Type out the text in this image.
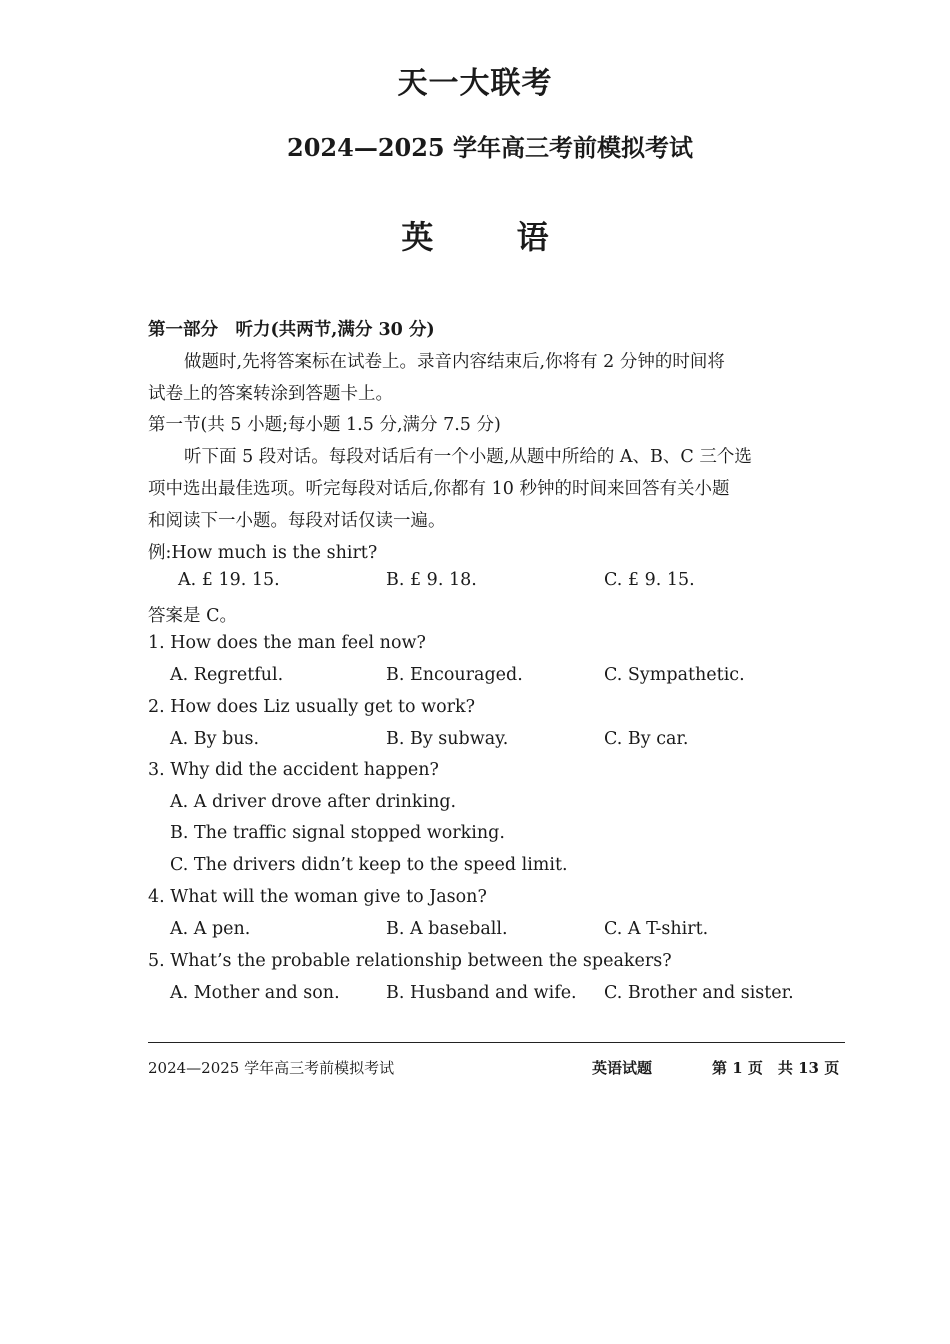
天一大联考
2024—2025 学年高三考前模拟考试
英 语
第一部分　听力(共两节,满分 30 分)
做题时,先将答案标在试卷上。录音内容结束后,你将有 2 分钟的时间将
试卷上的答案转涂到答题卡上。
第一节(共 5 小题;每小题 1.5 分,满分 7.5 分)
听下面 5 段对话。每段对话后有一个小题,从题中所给的 A、B、C 三个选
项中选出最佳选项。听完每段对话后,你都有 10 秒钟的时间来回答有关小题
和阅读下一小题。每段对话仅读一遍。
例:How much is the shirt?
A. £ 19. 15.	B. £ 9. 18.	C. £ 9. 15.
答案是 C。
1. How does the man feel now?
A. Regretful.	B. Encouraged.	C. Sympathetic.
2. How does Liz usually get to work?
A. By bus.	B. By subway.	C. By car.
3. Why did the accident happen?
A. A driver drove after drinking.
B. The traffic signal stopped working.
C. The drivers didn’t keep to the speed limit.
4. What will the woman give to Jason?
A. A pen.	B. A baseball.	C. A T-shirt.
5. What’s the probable relationship between the speakers?
A. Mother and son.	B. Husband and wife. C. Brother and sister.
2024—2025 学年高三考前模拟考试	英语试题	第 1 页　共 13 页
